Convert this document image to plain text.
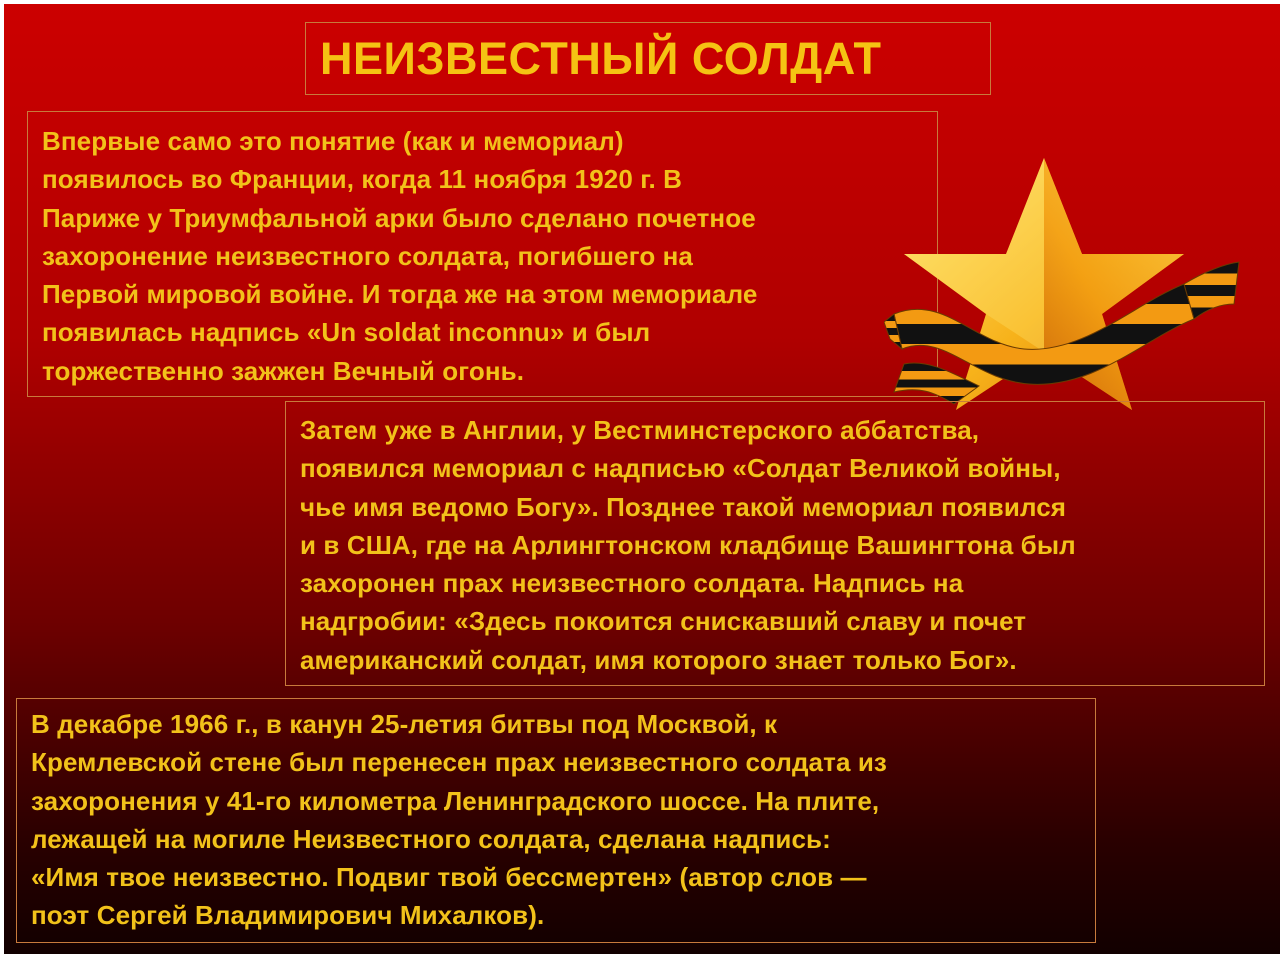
НЕИЗВЕСТНЫЙ СОЛДАТ

Впервые само это понятие (как и мемориал)
появилось во Франции, когда 11 ноября 1920 г. В
Париже у Триумфальной арки было сделано почетное
захоронение неизвестного солдата, погибшего на
Первой мировой войне. И тогда же на этом мемориале
появилась надпись «Un soldat inconnu» и был
торжественно зажжен Вечный огонь.

Затем уже в Англии, у Вестминстерского аббатства,
появился мемориал с надписью «Солдат Великой войны,
чье имя ведомо Богу». Позднее такой мемориал появился
и в США, где на Арлингтонском кладбище Вашингтона был
захоронен прах неизвестного солдата. Надпись на
надгробии: «Здесь покоится снискавший славу и почет
американский солдат, имя которого знает только Бог».

В декабре 1966 г., в канун 25-летия битвы под Москвой, к
Кремлевской стене был перенесен прах неизвестного солдата из
захоронения у 41-го километра Ленинградского шоссе. На плите,
лежащей на могиле Неизвестного солдата, сделана надпись:
«Имя твое неизвестно. Подвиг твой бессмертен» (автор слов —
поэт Сергей Владимирович Михалков).
